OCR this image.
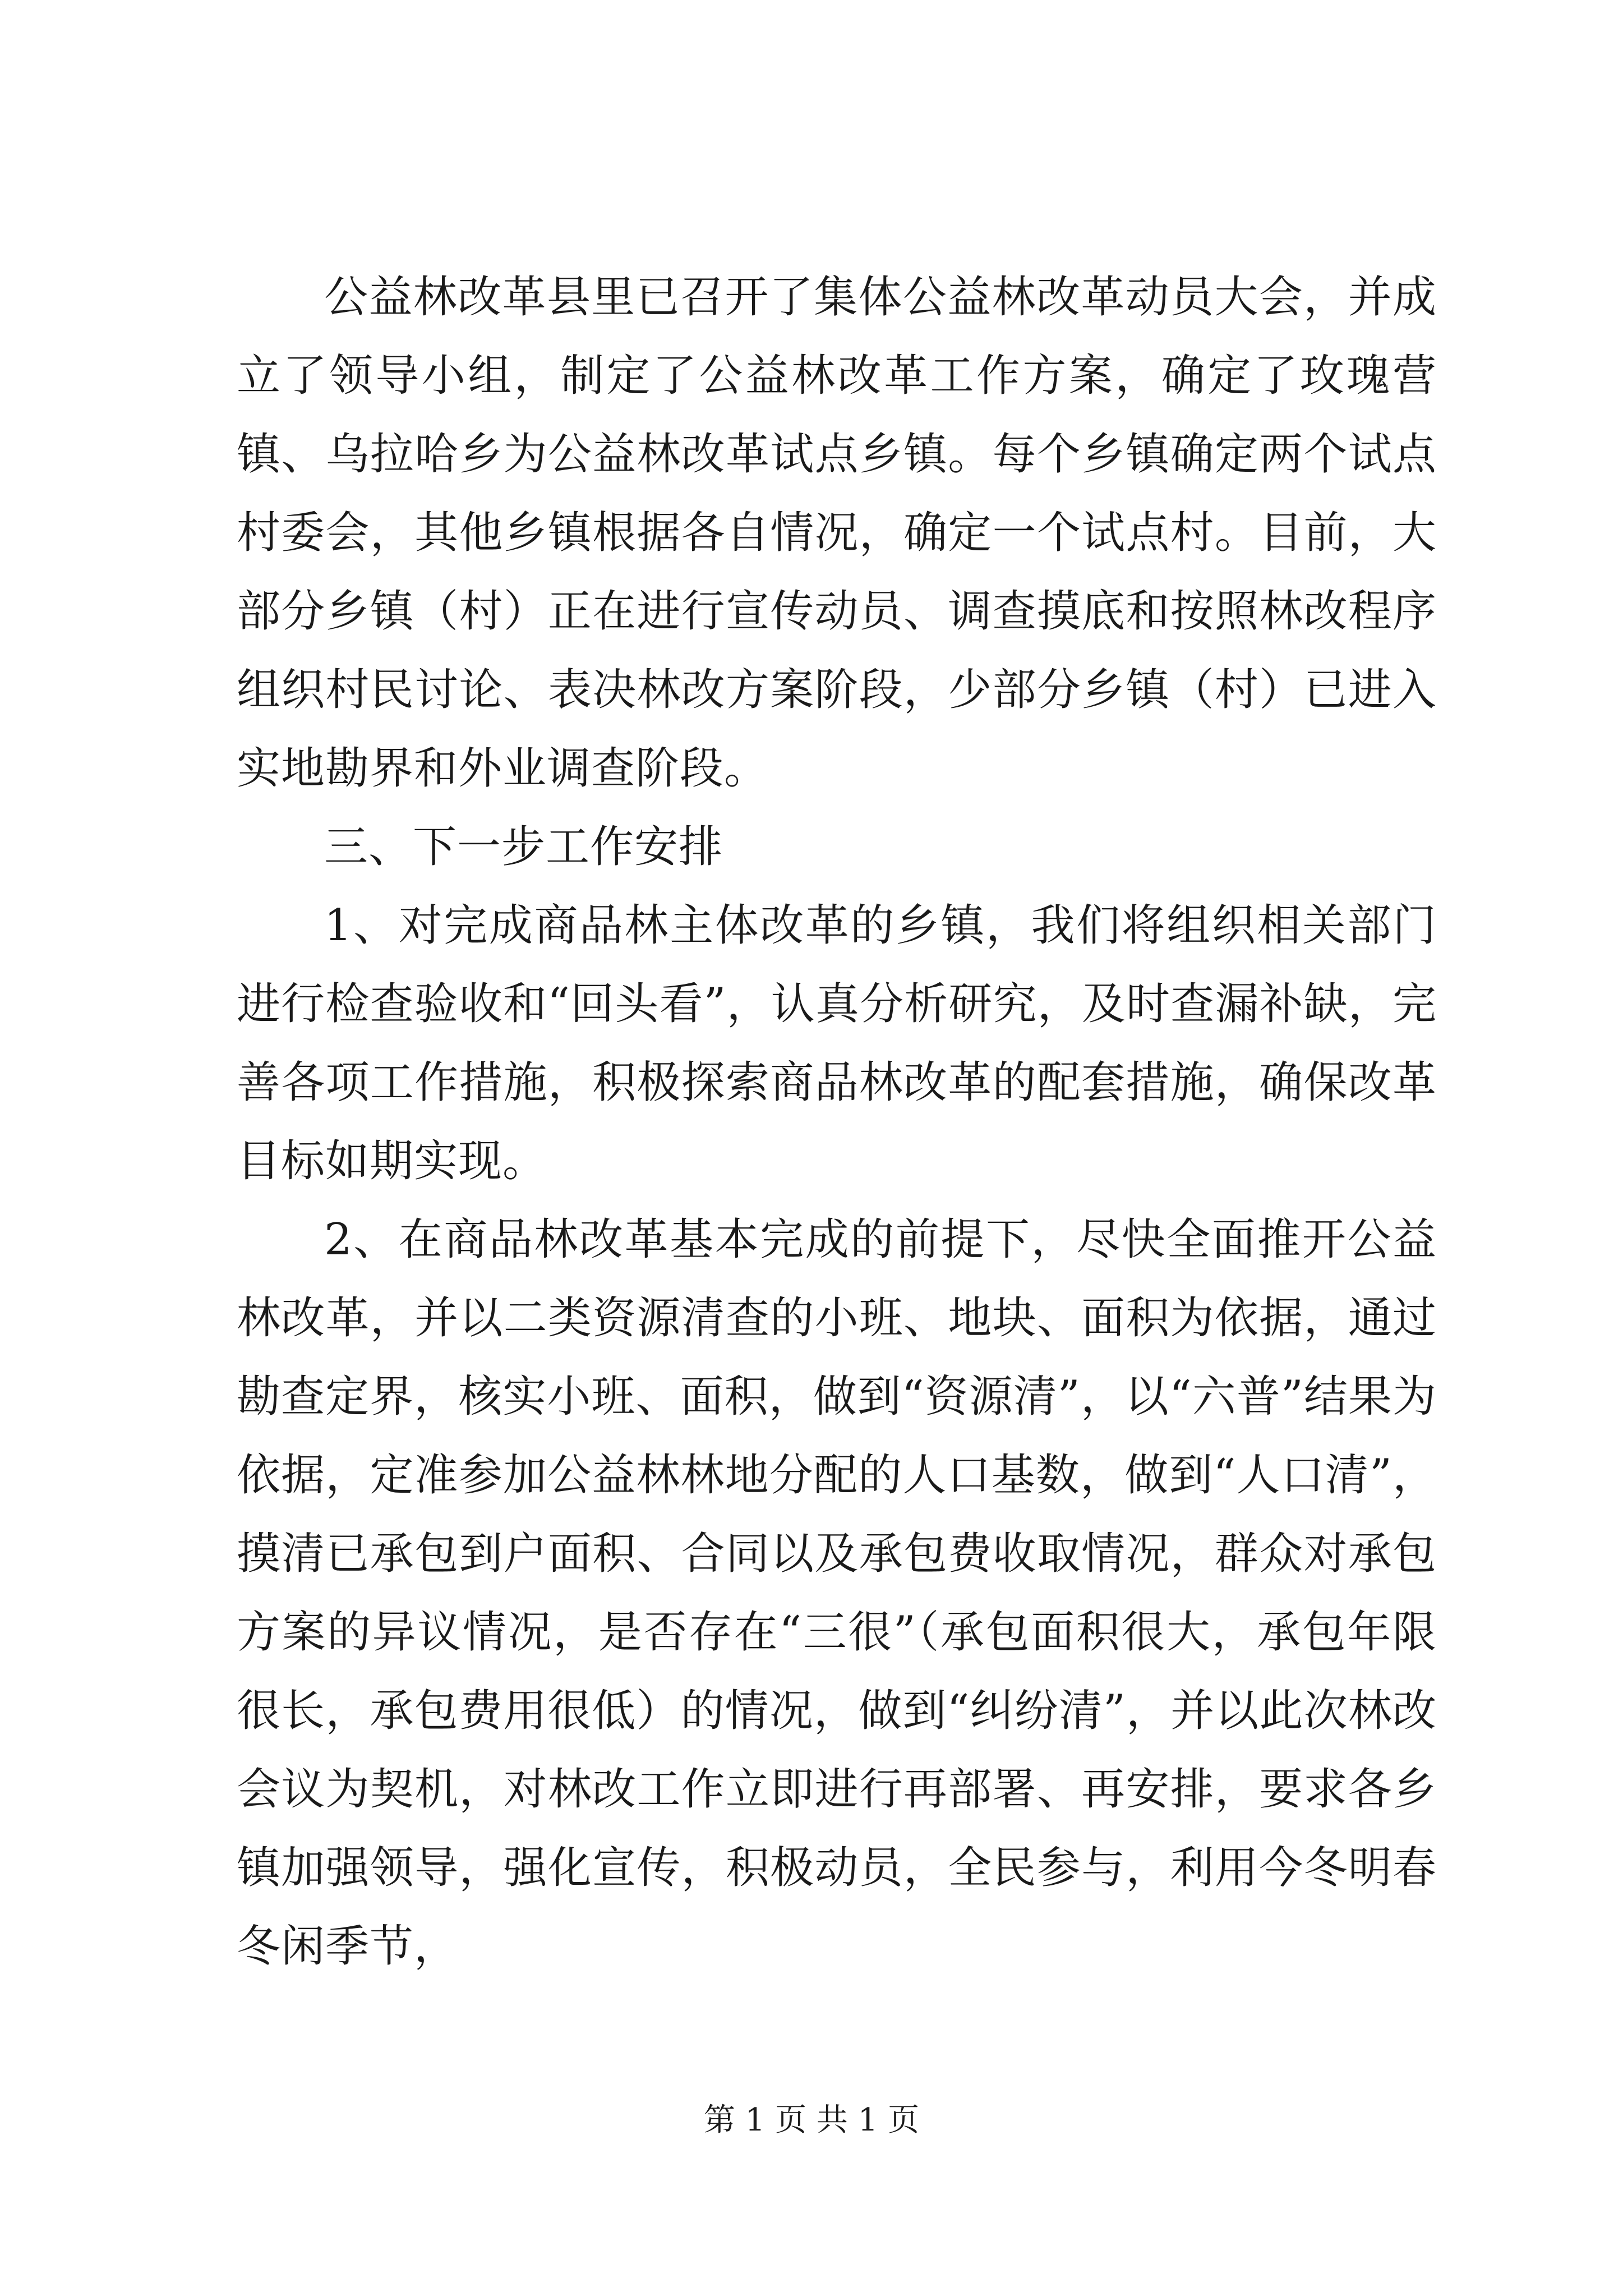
公益林改革县里已召开了集体公益林改革动员大会，并成立了领导小组，制定了公益林改革工作方案，确定了玫瑰营镇、乌拉哈乡为公益林改革试点乡镇。每个乡镇确定两个试点村委会，其他乡镇根据各自情况，确定一个试点村。目前，大部分乡镇（村）正在进行宣传动员、调查摸底和按照林改程序组织村民讨论、表决林改方案阶段，少部分乡镇（村）已进入实地勘界和外业调查阶段。

三、下一步工作安排

1、对完成商品林主体改革的乡镇，我们将组织相关部门进行检查验收和“回头看”，认真分析研究，及时查漏补缺，完善各项工作措施，积极探索商品林改革的配套措施，确保改革目标如期实现。

2、在商品林改革基本完成的前提下，尽快全面推开公益林改革，并以二类资源清查的小班、地块、面积为依据，通过勘查定界，核实小班、面积，做到“资源清”，以“六普”结果为依据，定准参加公益林林地分配的人口基数，做到“人口清”，摸清已承包到户面积、合同以及承包费收取情况，群众对承包方案的异议情况，是否存在“三很”（承包面积很大，承包年限很长，承包费用很低）的情况，做到“纠纷清”，并以此次林改会议为契机，对林改工作立即进行再部署、再安排，要求各乡镇加强领导，强化宣传，积极动员，全民参与，利用今冬明春冬闲季节，

第 1 页 共 1 页
